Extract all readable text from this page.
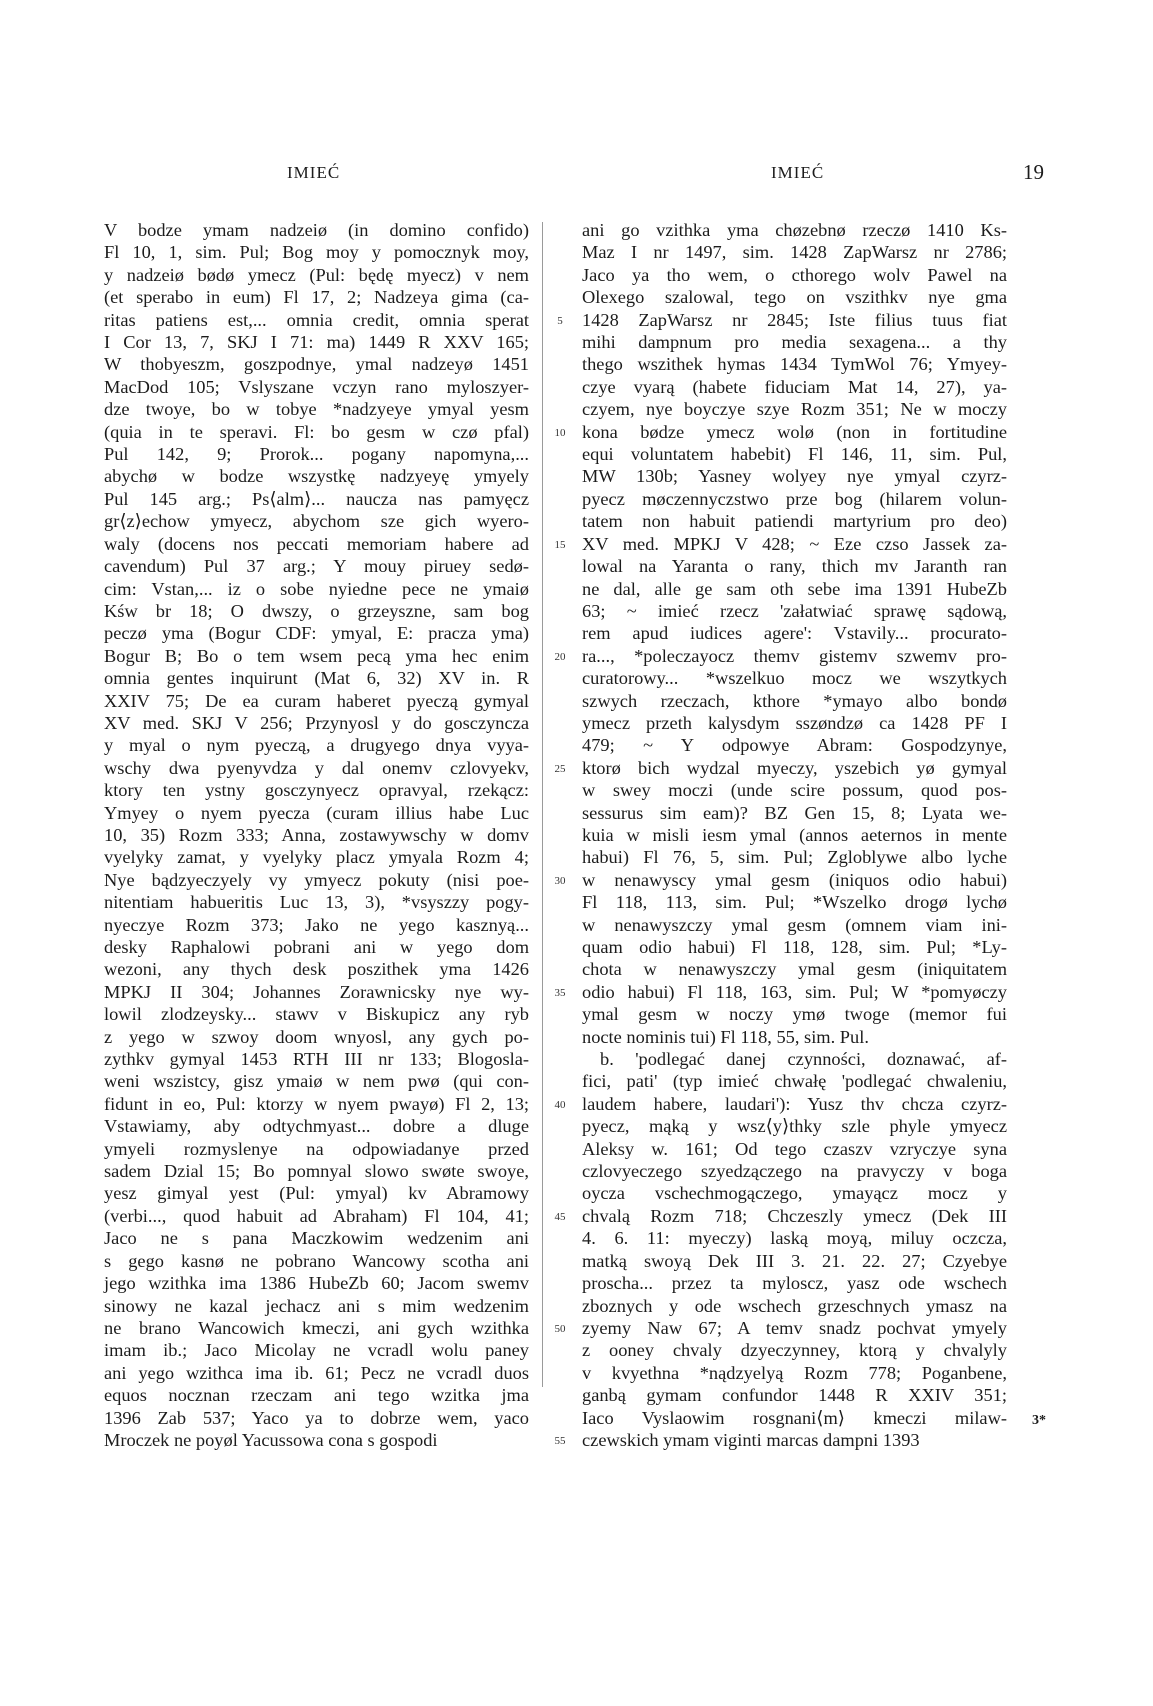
IMIEĆ	IMIEĆ	19
V bodze ymam nadzeiø (in domino confido)
Fl 10, 1, sim. Pul; Bog moy y pomocznyk moy,
y nadzeiø bødø ymecz (Pul: będę myecz) v nem
(et sperabo in eum) Fl 17, 2; Nadzeya gima (ca-
ritas patiens est,... omnia credit, omnia sperat
I Cor 13, 7, SKJ I 71: ma) 1449 R XXV 165;
W thobyeszm, goszpodnye, ymal nadzeyø 1451
MacDod 105; Vslyszane vczyn rano myloszyer-
dze twoye, bo w tobye *nadzyeye ymyal yesm
(quia in te speravi. Fl: bo gesm w czø pfal)
Pul 142, 9; Prorok... pogany napomyna,...
abychø w bodze wszystkę nadzyeyę ymyely
Pul 145 arg.; Ps⟨alm⟩... naucza nas pamyęcz
gr⟨z⟩echow ymyecz, abychom sze gich wyero-
waly (docens nos peccati memoriam habere ad
cavendum) Pul 37 arg.; Y mouy piruey sedø-
cim: Vstan,... iz o sobe nyiedne pece ne ymaiø
Kśw br 18; O dwszy, o grzeyszne, sam bog
peczø yma (Bogur CDF: ymyal, E: pracza yma)
Bogur B; Bo o tem wsem pecą yma hec enim
omnia gentes inquirunt (Mat 6, 32) XV in. R
XXIV 75; De ea curam haberet pyeczą gymyal
XV med. SKJ V 256; Przynyosl y do gosczyncza
y myal o nym pyeczą, a drugyego dnya vyya-
wschy dwa pyenyvdza y dal onemv czlovyekv,
ktory ten ystny gosczynyecz opravyal, rzekącz:
Ymyey o nyem pyecza (curam illius habe Luc
10, 35) Rozm 333; Anna, zostawywschy w domv
vyelyky zamat, y vyelyky placz ymyala Rozm 4;
Nye bądzyeczyely vy ymyecz pokuty (nisi poe-
nitentiam habueritis Luc 13, 3), *vsyszzy pogy-
nyeczye Rozm 373; Jako ne yego kasznyą...
desky Raphalowi pobrani ani w yego dom
wezoni, any thych desk poszithek yma 1426
MPKJ II 304; Johannes Zorawnicsky nye wy-
lowil zlodzeysky... stawv v Biskupicz any ryb
z yego w szwoy doom wnyosl, any gych po-
zythkv gymyal 1453 RTH III nr 133; Blogosla-
weni wszistcy, gisz ymaiø w nem pwø (qui con-
fidunt in eo, Pul: ktorzy w nyem pwayø) Fl 2, 13;
Vstawiamy, aby odtychmyast... dobre a dluge
ymyeli rozmyslenye na odpowiadanye przed
sadem Dzial 15; Bo pomnyal slowo swøte swoye,
yesz gimyal yest (Pul: ymyal) kv Abramowy
(verbi..., quod habuit ad Abraham) Fl 104, 41;
Jaco ne s pana Maczkowim wedzenim ani
s gego kasnø ne pobrano Wancowy scotha ani
jego wzithka ima 1386 HubeZb 60; Jacom swemv
sinowy ne kazal jechacz ani s mim wedzenim
ne brano Wancowich kmeczi, ani gych wzithka
imam ib.; Jaco Micolay ne vcradl wolu paney
ani yego wzithca ima ib. 61; Pecz ne vcradl duos
equos nocznan rzeczam ani tego wzitka jma
1396 Zab 537; Yaco ya to dobrze wem, yaco
Mroczek ne poyøl Yacussowa cona s gospodi
5
10
15
20
25
30
35
40
45
50
55
ani go vzithka yma chøzebnø rzeczø 1410 Ks-
Maz I nr 1497, sim. 1428 ZapWarsz nr 2786;
Jaco ya tho wem, o cthorego wolv Pawel na
Olexego szalowal, tego on vszithkv nye gma
1428 ZapWarsz nr 2845; Iste filius tuus fiat
mihi dampnum pro media sexagena... a thy
thego wszithek hymas 1434 TymWol 76; Ymyey-
czye vyarą (habete fiduciam Mat 14, 27), ya-
czyem, nye boyczye szye Rozm 351; Ne w moczy
kona bødze ymecz wolø (non in fortitudine
equi voluntatem habebit) Fl 146, 11, sim. Pul,
MW 130b; Yasney wolyey nye ymyal czyrz-
pyecz møczennyczstwo prze bog (hilarem volun-
tatem non habuit patiendi martyrium pro deo)
XV med. MPKJ V 428; ~ Eze czso Jassek za-
lowal na Yaranta o rany, thich mv Jaranth ran
ne dal, alle ge sam oth sebe ima 1391 HubeZb
63; ~ imieć rzecz 'załatwiać sprawę sądową,
rem apud iudices agere': Vstavily... procurato-
ra..., *poleczayocz themv gistemv szwemv pro-
curatorowy... *wszelkuo mocz we wszytkych
szwych rzeczach, kthore *ymayo albo bondø
ymecz przeth kalysdym sszøndzø ca 1428 PF I
479; ~ Y odpowye Abram: Gospodzynye,
ktorø bich wydzal myeczy, yszebich yø gymyal
w swey moczi (unde scire possum, quod pos-
sessurus sim eam)? BZ Gen 15, 8; Lyata we-
kuia w misli iesm ymal (annos aeternos in mente
habui) Fl 76, 5, sim. Pul; Zgloblywe albo lyche
w nenawyscy ymal gesm (iniquos odio habui)
Fl 118, 113, sim. Pul; *Wszelko drogø lychø
w nenawyszczy ymal gesm (omnem viam ini-
quam odio habui) Fl 118, 128, sim. Pul; *Ly-
chota w nenawyszczy ymal gesm (iniquitatem
odio habui) Fl 118, 163, sim. Pul; W *pomyøczy
ymal gesm w noczy ymø twoge (memor fui
nocte nominis tui) Fl 118, 55, sim. Pul.
b. 'podlegać danej czynności, doznawać, af-
fici, pati' (typ imieć chwałę 'podlegać chwaleniu,
laudem habere, laudari'): Yusz thv chcza czyrz-
pyecz, mąką y wsz⟨y⟩thky szle phyle ymyecz
Aleksy w. 161; Od tego czaszv vzryczye syna
czlovyeczego szyedzączego na pravyczy v boga
oycza vschechmogączego, ymayącz mocz y
chvalą Rozm 718; Chczeszly ymecz (Dek III
4. 6. 11: myeczy) laską moyą, miluy oczcza,
matką swoyą Dek III 3. 21. 22. 27; Czyebye
proscha... przez ta myloscz, yasz ode wschech
zboznych y ode wschech grzeschnych ymasz na
zyemy Naw 67; A temv snadz pochvat ymyely
z ooney chvaly dzyeczynney, ktorą y chvalyly
v kvyethna *nądzyelyą Rozm 778; Poganbene,
ganbą gymam confundor 1448 R XXIV 351;
Iaco Vyslaowim rosgnani⟨m⟩ kmeczi milaw-
czewskich ymam viginti marcas dampni 1393
3*
